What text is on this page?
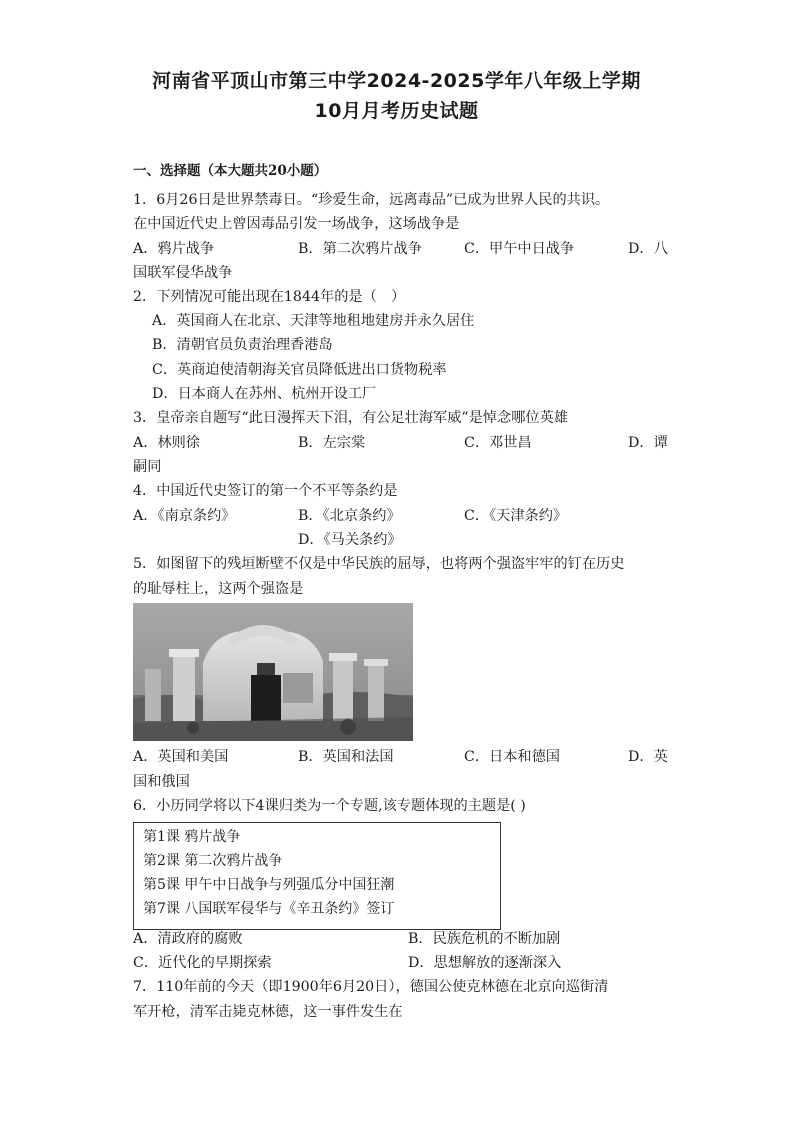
河南省平顶山市第三中学2024-2025学年八年级上学期
10月月考历史试题
一、选择题（本大题共20小题）
1．6月26日是世界禁毒日。“珍爱生命，远离毒品”已成为世界人民的共识。
在中国近代史上曾因毒品引发一场战争，这场战争是
A．鸦片战争	B．第二次鸦片战争	C．甲午中日战争	D．八
国联军侵华战争
2．下列情况可能出现在1844年的是（　）
A．英国商人在北京、天津等地租地建房并永久居住
B．清朝官员负责治理香港岛
C．英商迫使清朝海关官员降低进出口货物税率
D．日本商人在苏州、杭州开设工厂
3．皇帝亲自题写“此日漫挥天下泪，有公足壮海军威”是悼念哪位英雄
A．林则徐	B．左宗棠	C．邓世昌	D．谭
嗣同
4．中国近代史签订的第一个不平等条约是
A．《南京条约》	B．《北京条约》	C．《天津条约》
D．《马关条约》
5．如图留下的残垣断壁不仅是中华民族的屈辱，也将两个强盗牢牢的钉在历史
的耻辱柱上，这两个强盗是
A．英国和美国	B．英国和法国	C．日本和德国	D．英
国和俄国
6．小历同学将以下4课归类为一个专题,该专题体现的主题是( )
第1课 鸦片战争
第2课 第二次鸦片战争
第5课 甲午中日战争与列强瓜分中国狂潮
第7课 八国联军侵华与《辛丑条约》签订
A．清政府的腐败	B．民族危机的不断加剧
C．近代化的早期探索	D．思想解放的逐渐深入
7．110年前的今天（即1900年6月20日），德国公使克林德在北京向巡街清
军开枪，清军击毙克林德，这一事件发生在
